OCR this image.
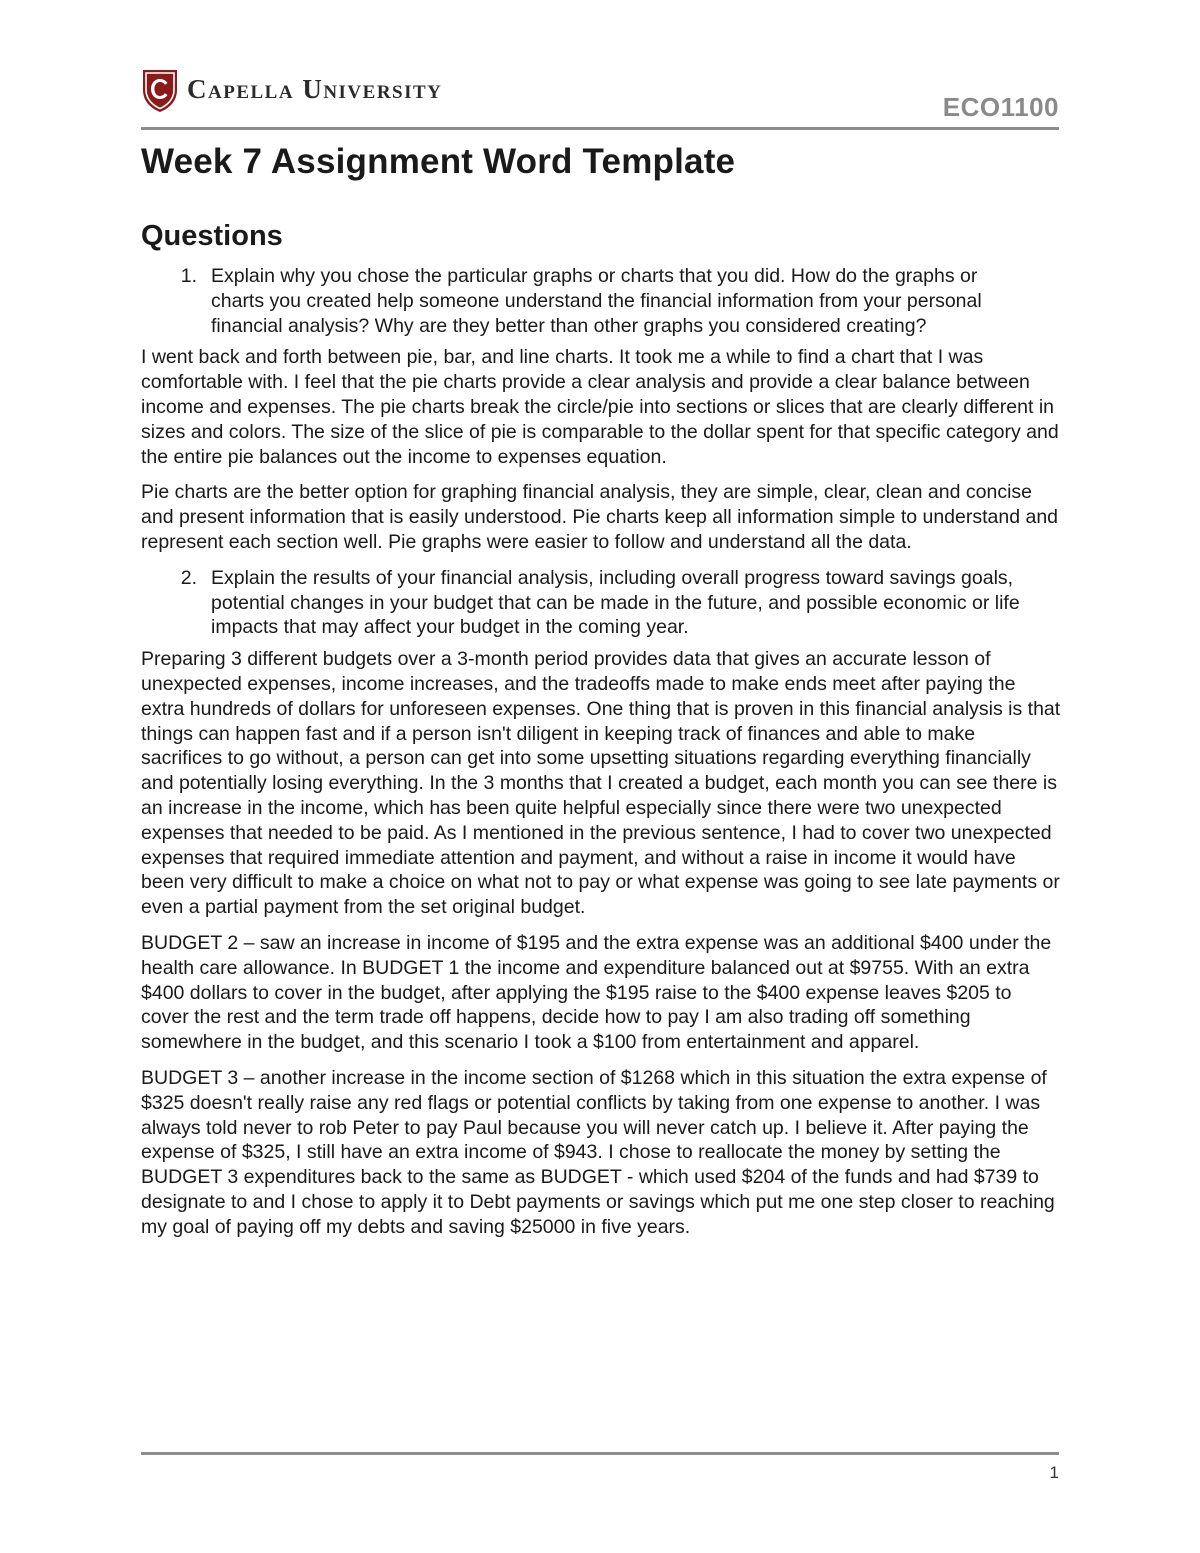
Capella University
ECO1100
Week 7 Assignment Word Template
Questions
1. Explain why you chose the particular graphs or charts that you did. How do the graphs or charts you created help someone understand the financial information from your personal financial analysis? Why are they better than other graphs you considered creating?

I went back and forth between pie, bar, and line charts. It took me a while to find a chart that I was comfortable with. I feel that the pie charts provide a clear analysis and provide a clear balance between income and expenses. The pie charts break the circle/pie into sections or slices that are clearly different in sizes and colors. The size of the slice of pie is comparable to the dollar spent for that specific category and the entire pie balances out the income to expenses equation.

Pie charts are the better option for graphing financial analysis, they are simple, clear, clean and concise and present information that is easily understood. Pie charts keep all information simple to understand and represent each section well. Pie graphs were easier to follow and understand all the data.

2. Explain the results of your financial analysis, including overall progress toward savings goals, potential changes in your budget that can be made in the future, and possible economic or life impacts that may affect your budget in the coming year.

Preparing 3 different budgets over a 3-month period provides data that gives an accurate lesson of unexpected expenses, income increases, and the tradeoffs made to make ends meet after paying the extra hundreds of dollars for unforeseen expenses. One thing that is proven in this financial analysis is that things can happen fast and if a person isn't diligent in keeping track of finances and able to make sacrifices to go without, a person can get into some upsetting situations regarding everything financially and potentially losing everything. In the 3 months that I created a budget, each month you can see there is an increase in the income, which has been quite helpful especially since there were two unexpected expenses that needed to be paid. As I mentioned in the previous sentence, I had to cover two unexpected expenses that required immediate attention and payment, and without a raise in income it would have been very difficult to make a choice on what not to pay or what expense was going to see late payments or even a partial payment from the set original budget.

BUDGET 2 – saw an increase in income of $195 and the extra expense was an additional $400 under the health care allowance. In BUDGET 1 the income and expenditure balanced out at $9755. With an extra $400 dollars to cover in the budget, after applying the $195 raise to the $400 expense leaves $205 to cover the rest and the term trade off happens, decide how to pay I am also trading off something somewhere in the budget, and this scenario I took a $100 from entertainment and apparel.

BUDGET 3 – another increase in the income section of $1268 which in this situation the extra expense of $325 doesn't really raise any red flags or potential conflicts by taking from one expense to another. I was always told never to rob Peter to pay Paul because you will never catch up. I believe it. After paying the expense of $325, I still have an extra income of $943. I chose to reallocate the money by setting the BUDGET 3 expenditures back to the same as BUDGET - which used $204 of the funds and had $739 to designate to and I chose to apply it to Debt payments or savings which put me one step closer to reaching my goal of paying off my debts and saving $25000 in five years.

1
